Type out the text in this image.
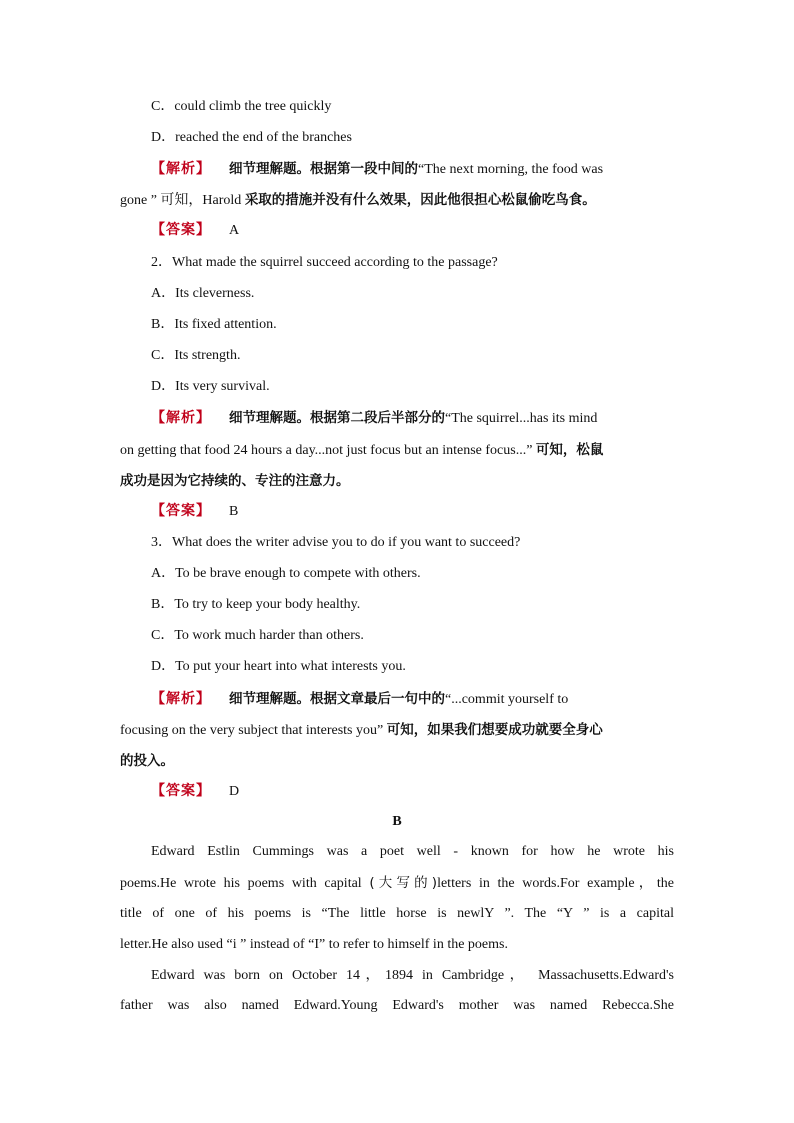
C．could climb the tree quickly
D．reached the end of the branches
【解析】 细节理解题。根据第一段中间的“The next morning, the food was
gone ” 可知，Harold 采取的措施并没有什么效果，因此他很担心松鼠偷吃鸟食。
【答案】 A
2．What made the squirrel succeed according to the passage?
A．Its cleverness.
B．Its fixed attention.
C．Its strength.
D．Its very survival.
【解析】 细节理解题。根据第二段后半部分的“The squirrel...has its mind
on getting that food 24 hours a day...not just focus but an intense focus...” 可知，松鼠
成功是因为它持续的、专注的注意力。
【答案】 B
3．What does the writer advise you to do if you want to succeed?
A．To be brave enough to compete with others.
B．To try to keep your body healthy.
C．To work much harder than others.
D．To put your heart into what interests you.
【解析】 细节理解题。根据文章最后一句中的“...commit yourself to
focusing on the very subject that interests you” 可知，如果我们想要成功就要全身心
的投入。
【答案】 D
B
Edward Estlin Cummings was a poet well - known for how he wrote his
poems.He wrote his poems with capital (大写的)letters in the words.For example，the
title of one of his poems is “The little horse is newlY ”. The “Y ” is a capital
letter.He also used “i ” instead of “I” to refer to himself in the poems.
Edward was born on October 14，1894 in Cambridge， Massachusetts.Edward's
father was also named Edward.Young Edward's mother was named Rebecca.She
